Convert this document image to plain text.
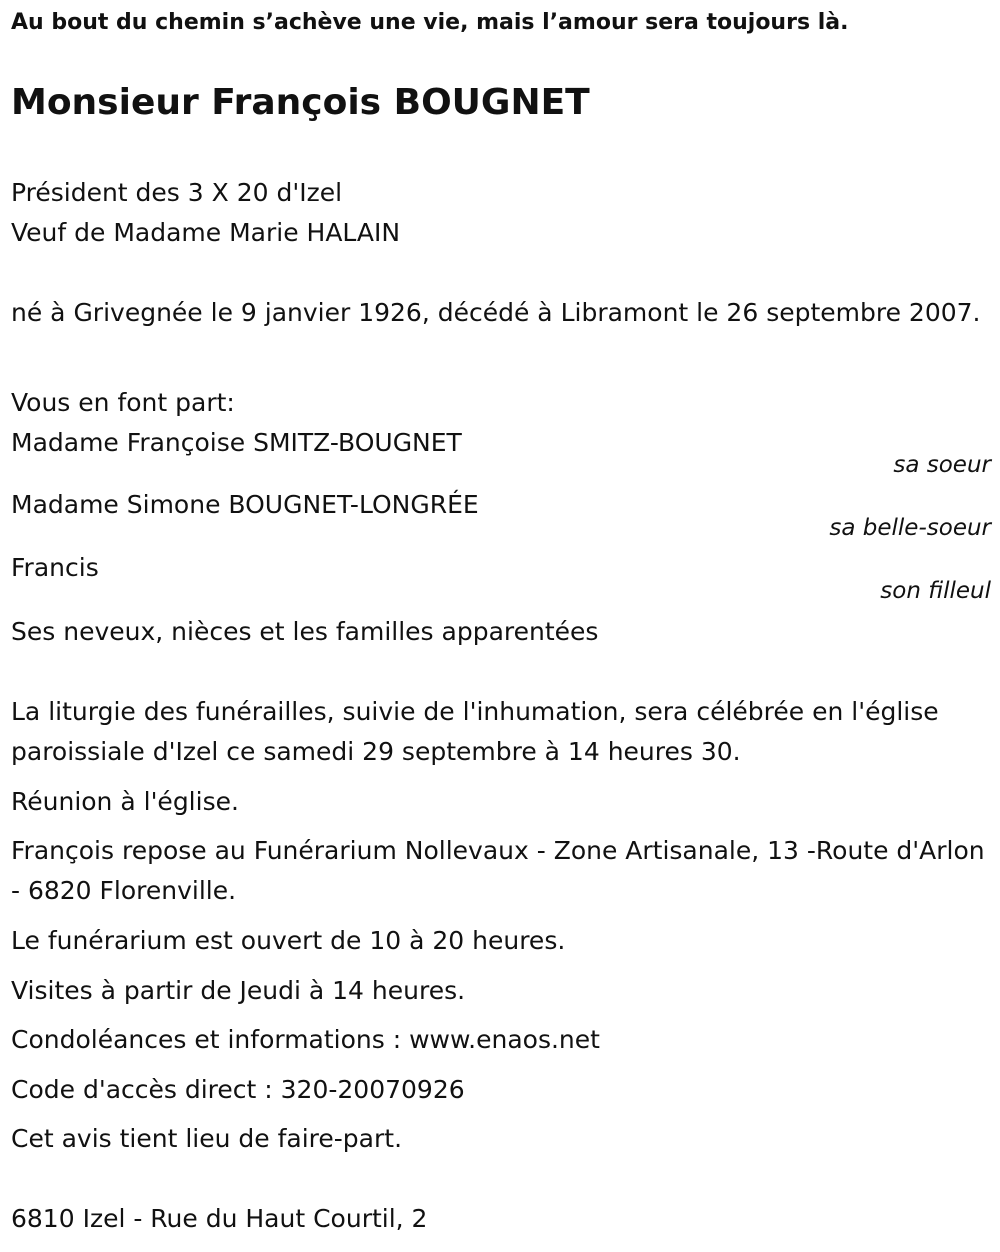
Au bout du chemin s’achève une vie, mais l’amour sera toujours là.
Monsieur François BOUGNET
Président des 3 X 20 d'Izel
Veuf de Madame Marie HALAIN
né à Grivegnée le 9 janvier 1926, décédé à Libramont le 26 septembre 2007.
Vous en font part:
Madame Françoise SMITZ-BOUGNET
sa soeur
Madame Simone BOUGNET-LONGRÉE
sa belle-soeur
Francis
son filleul
Ses neveux, nièces et les familles apparentées
La liturgie des funérailles, suivie de l'inhumation, sera célébrée en l'église paroissiale d'Izel ce samedi 29 septembre à 14 heures 30.
Réunion à l'église.
François repose au Funérarium Nollevaux - Zone Artisanale, 13 -Route d'Arlon - 6820 Florenville.
Le funérarium est ouvert de 10 à 20 heures.
Visites à partir de Jeudi à 14 heures.
Condoléances et informations : www.enaos.net
Code d'accès direct : 320-20070926
Cet avis tient lieu de faire-part.
6810 Izel - Rue du Haut Courtil, 2
